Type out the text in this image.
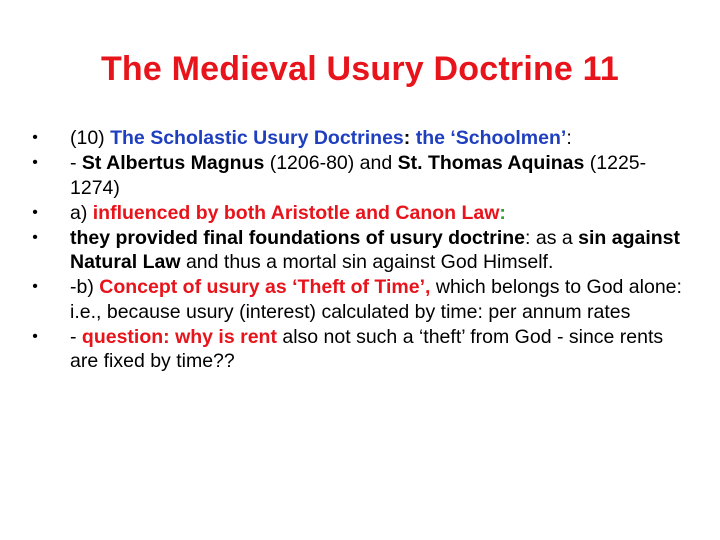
The Medieval Usury Doctrine 11
• (10) The Scholastic Usury Doctrines: the ‘Schoolmen’:
• - St Albertus Magnus (1206-80) and St. Thomas Aquinas (1225-1274)
• a) influenced by both Aristotle and Canon Law:
• they provided final foundations of usury doctrine: as a sin against Natural Law and thus a mortal sin against God Himself.
• -b) Concept of usury as ‘Theft of Time’, which belongs to God alone: i.e., because usury (interest) calculated by time: per annum rates
• - question: why is rent also not such a ‘theft’ from God - since rents are fixed by time??
